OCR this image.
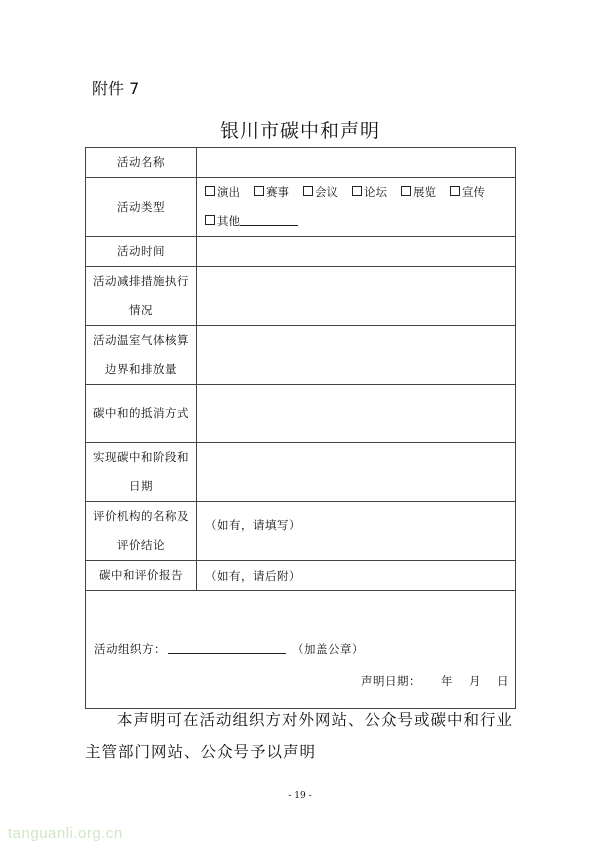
附件 7
银川市碳中和声明
活动名称	
活动类型	演出 赛事 会议 论坛 展览 宣传
其他
活动时间	
活动减排措施执行
情况	
活动温室气体核算
边界和排放量	
碳中和的抵消方式	
实现碳中和阶段和
日期	
评价机构的名称及
评价结论	（如有，请填写）

碳中和评价报告	（如有，请后附）

活动组织方： （加盖公章）
声明日期： 年 月 日	
本声明可在活动组织方对外网站、公众号或碳中和行业
主管部门网站、公众号予以声明
- 19 -
tanguanli.org.cn
